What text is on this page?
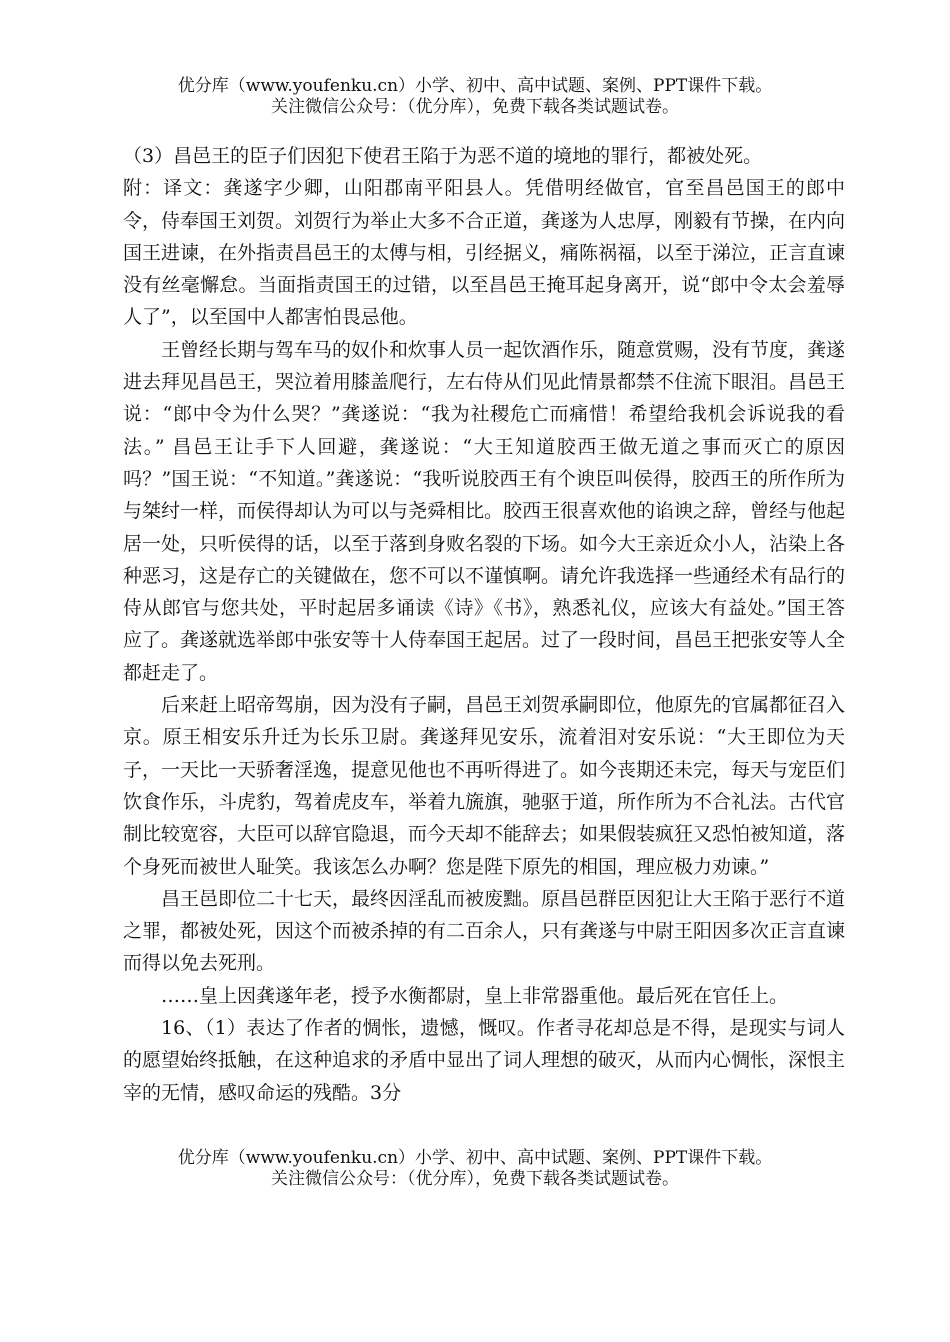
优分库（www.youfenku.cn）小学、初中、高中试题、案例、PPT课件下载。
关注微信公众号：（优分库），免费下载各类试题试卷。

（3）昌邑王的臣子们因犯下使君王陷于为恶不道的境地的罪行，都被处死。

附：译文：龚遂字少卿，山阳郡南平阳县人。凭借明经做官，官至昌邑国王的郎中令，侍奉国王刘贺。刘贺行为举止大多不合正道，龚遂为人忠厚，刚毅有节操，在内向国王进谏，在外指责昌邑王的太傅与相，引经据义，痛陈祸福，以至于涕泣，正言直谏没有丝毫懈怠。当面指责国王的过错，以至昌邑王掩耳起身离开，说“郎中令太会羞辱人了”，以至国中人都害怕畏忌他。

王曾经长期与驾车马的奴仆和炊事人员一起饮酒作乐，随意赏赐，没有节度，龚遂进去拜见昌邑王，哭泣着用膝盖爬行，左右侍从们见此情景都禁不住流下眼泪。昌邑王说：“郎中令为什么哭？”龚遂说：“我为社稷危亡而痛惜！希望给我机会诉说我的看法。” 昌邑王让手下人回避，龚遂说：“大王知道胶西王做无道之事而灭亡的原因吗？”国王说：“不知道。”龚遂说：“我听说胶西王有个谀臣叫侯得，胶西王的所作所为与桀纣一样，而侯得却认为可以与尧舜相比。胶西王很喜欢他的谄谀之辞，曾经与他起居一处，只听侯得的话，以至于落到身败名裂的下场。如今大王亲近众小人，沾染上各种恶习，这是存亡的关键做在，您不可以不谨慎啊。请允许我选择一些通经术有品行的侍从郎官与您共处，平时起居多诵读《诗》《书》，熟悉礼仪，应该大有益处。”国王答应了。龚遂就选举郎中张安等十人侍奉国王起居。过了一段时间，昌邑王把张安等人全都赶走了。

后来赶上昭帝驾崩，因为没有子嗣，昌邑王刘贺承嗣即位，他原先的官属都征召入京。原王相安乐升迁为长乐卫尉。龚遂拜见安乐，流着泪对安乐说：“大王即位为天子，一天比一天骄奢淫逸，提意见他也不再听得进了。如今丧期还未完，每天与宠臣们饮食作乐，斗虎豹，驾着虎皮车，举着九旒旗，驰驱于道，所作所为不合礼法。古代官制比较宽容，大臣可以辞官隐退，而今天却不能辞去；如果假装疯狂又恐怕被知道，落个身死而被世人耻笑。我该怎么办啊？您是陛下原先的相国，理应极力劝谏。”

昌王邑即位二十七天，最终因淫乱而被废黜。原昌邑群臣因犯让大王陷于恶行不道之罪，都被处死，因这个而被杀掉的有二百余人，只有龚遂与中尉王阳因多次正言直谏而得以免去死刑。

……皇上因龚遂年老，授予水衡都尉，皇上非常器重他。最后死在官任上。

16、（1）表达了作者的惆怅，遗憾，慨叹。作者寻花却总是不得，是现实与词人的愿望始终抵触，在这种追求的矛盾中显出了词人理想的破灭，从而内心惆怅，深恨主宰的无情，感叹命运的残酷。3分

优分库（www.youfenku.cn）小学、初中、高中试题、案例、PPT课件下载。
关注微信公众号：（优分库），免费下载各类试题试卷。
